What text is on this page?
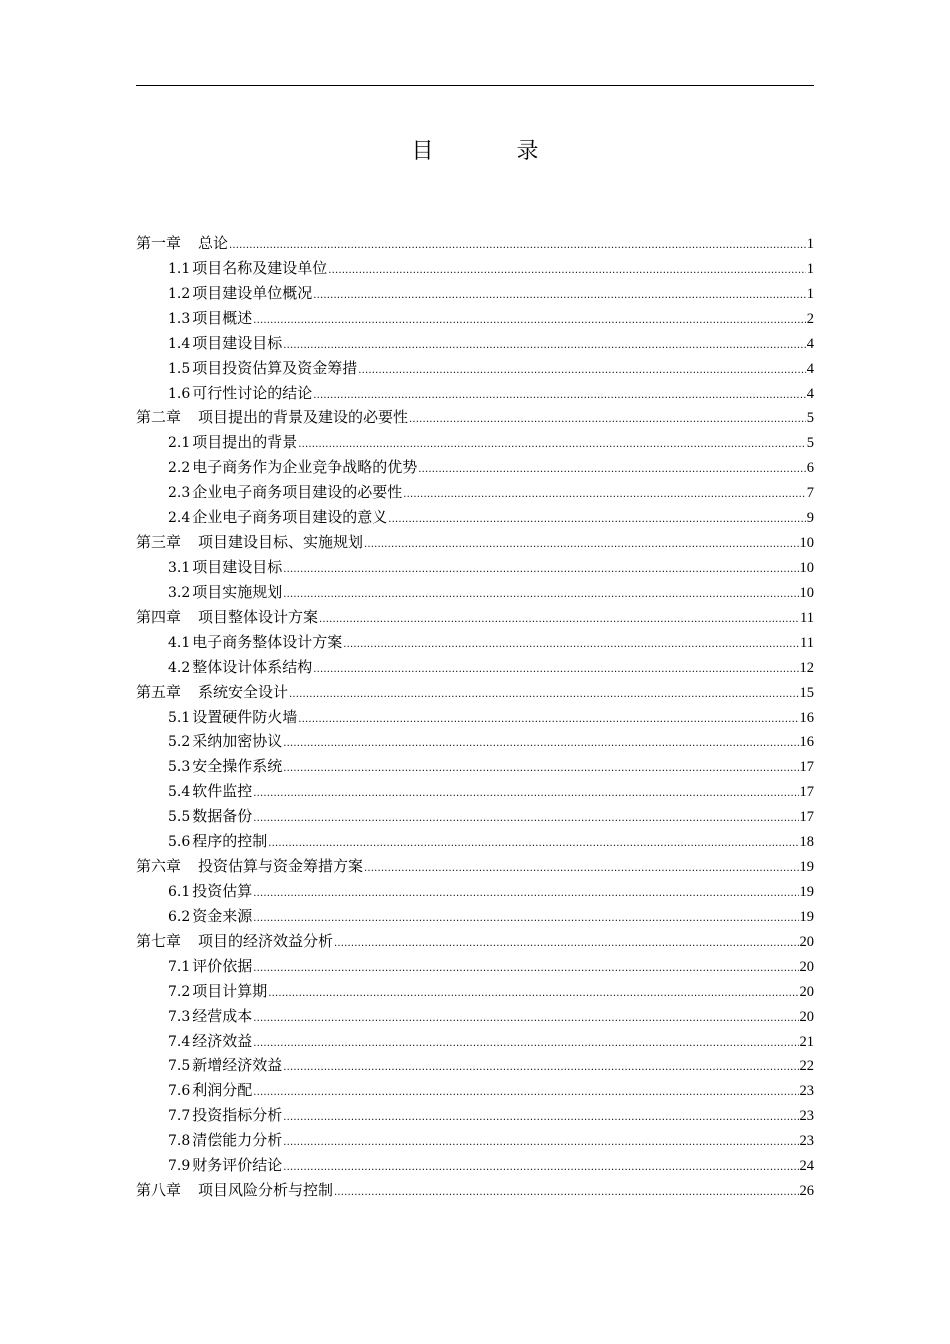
目 录
第一章 总论 .....	1
1.1 项目名称及建设单位 .....	1
1.2 项目建设单位概况 .....	1
1.3 项目概述 .....	2
1.4 项目建设目标 .....	4
1.5 项目投资估算及资金筹措 .....	4
1.6 可行性讨论的结论 .....	4
第二章 项目提出的背景及建设的必要性 .....	5
2.1 项目提出的背景 .....	5
2.2 电子商务作为企业竞争战略的优势 .....	6
2.3 企业电子商务项目建设的必要性 .....	7
2.4 企业电子商务项目建设的意义 .....	9
第三章 项目建设目标、实施规划 .....	10
3.1 项目建设目标 .....	10
3.2 项目实施规划 .....	10
第四章 项目整体设计方案 .....	11
4.1 电子商务整体设计方案 .....	11
4.2 整体设计体系结构 .....	12
第五章 系统安全设计 .....	15
5.1 设置硬件防火墙 .....	16
5.2 采纳加密协议 .....	16
5.3 安全操作系统 .....	17
5.4 软件监控 .....	17
5.5 数据备份 .....	17
5.6 程序的控制 .....	18
第六章 投资估算与资金筹措方案 .....	19
6.1 投资估算 .....	19
6.2 资金来源 .....	19
第七章 项目的经济效益分析 .....	20
7.1 评价依据 .....	20
7.2 项目计算期 .....	20
7.3 经营成本 .....	20
7.4 经济效益 .....	21
7.5 新增经济效益 .....	22
7.6 利润分配 .....	23
7.7 投资指标分析 .....	23
7.8 清偿能力分析 .....	23
7.9 财务评价结论 .....	24
第八章 项目风险分析与控制 .....	26
